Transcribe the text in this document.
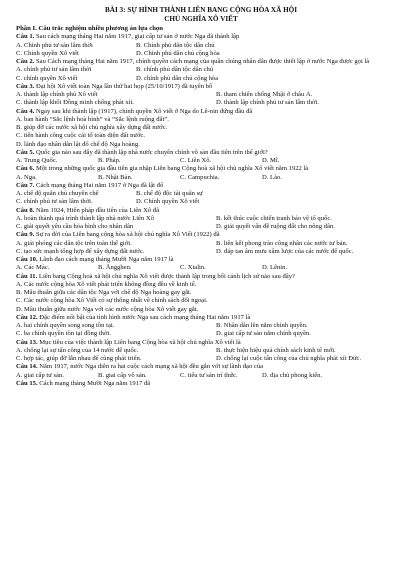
BÀI 3: SỰ HÌNH THÀNH LIÊN BANG CỘNG HÒA XÃ HỘI
CHỦ NGHĨA XÔ VIẾT
Phần I. Câu trắc nghiệm nhiều phương án lựa chọn
Câu 1. Sau cách mạng tháng Hai năm 1917, giai cấp tư sản ở nước Nga đã thành lập
A. Chính phủ tư sản lâm thời	B. Chính phủ dân tộc dân chủ
C. Chính quyền Xô viết	D. Chính phủ dân chủ cộng hòa
Câu 2. Sau Cách mạng tháng Hai năm 1917, chính quyền cách mạng của quần chúng nhân dân được thiết lập ở nước Nga được gọi là
A. chính phủ tư sản lâm thời	B. chính phủ dân tộc dân chủ
C. chính quyền Xô viết	D. chính phủ dân chủ cộng hòa
Câu 3. Đại hội Xô viết toàn Nga lần thứ hai họp (25/10/1917) đã tuyên bố
A. thành lập chính phủ Xô viết	B. tham chiến chống Nhật ở châu Á.
C. thành lập khối Đồng minh chống phát xít.	D. thành lập chính phủ tư sản lâm thời.
Câu 4. Ngay sau khi thành lập (1917), chính quyền Xô viết ở Nga do Lê-nin đứng đầu đã
A. ban hành “Sắc lệnh hoà bình” và “Sắc lệnh ruộng đất”.
B. giúp đỡ các nước xã hội chủ nghĩa xây dựng đất nước.
C. tiến hành công cuộc cải tổ toàn diện đất nước.
D. lãnh đạo nhân dân lật đổ chế độ Nga hoàng.
Câu 5. Quốc gia nào sau đây đã thành lập nhà nước chuyên chính vô sản đầu tiên trên thế giới?
A. Trung Quốc.	B. Pháp.	C. Liên Xô.	D. Mĩ.
Câu 6. Một trong những quốc gia đầu tiên gia nhập Liên bang Cộng hoà xã hội chủ nghĩa Xô viết năm 1922 là
A. Nga.	B. Nhật Bản.	C. Campuchia.	D. Lào.
Câu 7. Cách mạng tháng Hai năm 1917 ở Nga đã lật đổ
A. chế độ quân chủ chuyên chế	B. chế độ độc tài quân sự
C. chính phủ tư sản lâm thời.	D. Chính quyền Xô viết
Câu 8. Năm 1924, Hiến pháp đầu tiên của Liên Xô đã
A. hoàn thành quá trình thành lập nhà nước Liên Xô	B. kết thúc cuộc chiến tranh bảo vệ tổ quốc.
C. giải quyết yêu cầu hòa bình cho nhân dân	D. giải quyết vấn đề ruộng đất cho nông dân.
Câu 9. Sự ra đời của Liên bang cộng hòa xã hội chủ nghĩa Xô Viết (1922) đã
A. giải phóng các dân tộc trên toàn thế giới.	B. liên kết phong trào công nhân các nước tư bản.
C. tạo sức mạnh tổng hợp để xây dựng đất nước.	D. đáp tan âm mưu xâm lược của các nước đế quốc.
Câu 10. Lãnh đạo cách mạng tháng Mười Nga năm 1917 là
A. Các Mác.	B. Ăngghen.	C. Xtalin.	D. Lênin.
Câu 11. Liên bang Cộng hoà xã hội chủ nghĩa Xô viết được thành lập trong bối cảnh lịch sử nào sau đây?
A. Các nước cộng hòa Xô viết phát triển không đồng đều về kinh tế.
B. Mâu thuẫn giữa các dân tộc Nga với chế độ Nga hoàng gay gắt.
C. Các nước cộng hòa Xô Viết có sự thống nhất về chính sách đối ngoại.
D. Mâu thuẫn giữa nước Nga với các nước cộng hòa Xô viết gay gắt.
Câu 12. Đặc điểm nổi bật của tình hình nước Nga sau cách mạng tháng Hai năm 1917 là
A. hai chính quyền song song tồn tại.	B. Nhân dân lên nắm chính quyền.
C. ba chính quyền tồn tại đồng thời.	D. giai cấp tư sản nắm chính quyền.
Câu 13. Mục tiêu của việc thành lập Liên bang Cộng hòa xã hội chủ nghĩa Xô viết là
A. chống lại sự tấn công của 14 nước đế quốc.	B. thực hiện hiệu quả chính sách kinh tế mới.
C. hợp tác, giúp đỡ lẫn nhau để cùng phát triển.	D. chống lại cuộc tấn công của chủ nghĩa phát xít Đức.
Câu 14. Năm 1917, nước Nga diễn ra hai cuộc cách mạng xã hội đều gắn với sự lãnh đạo của
A. giai cấp tư sản.	B. giai cấp vô sản.	C. tiểu tư sản trí thức.	D. địa chủ phong kiến.
Câu 15. Cách mạng tháng Mười Nga năm 1917 đã
